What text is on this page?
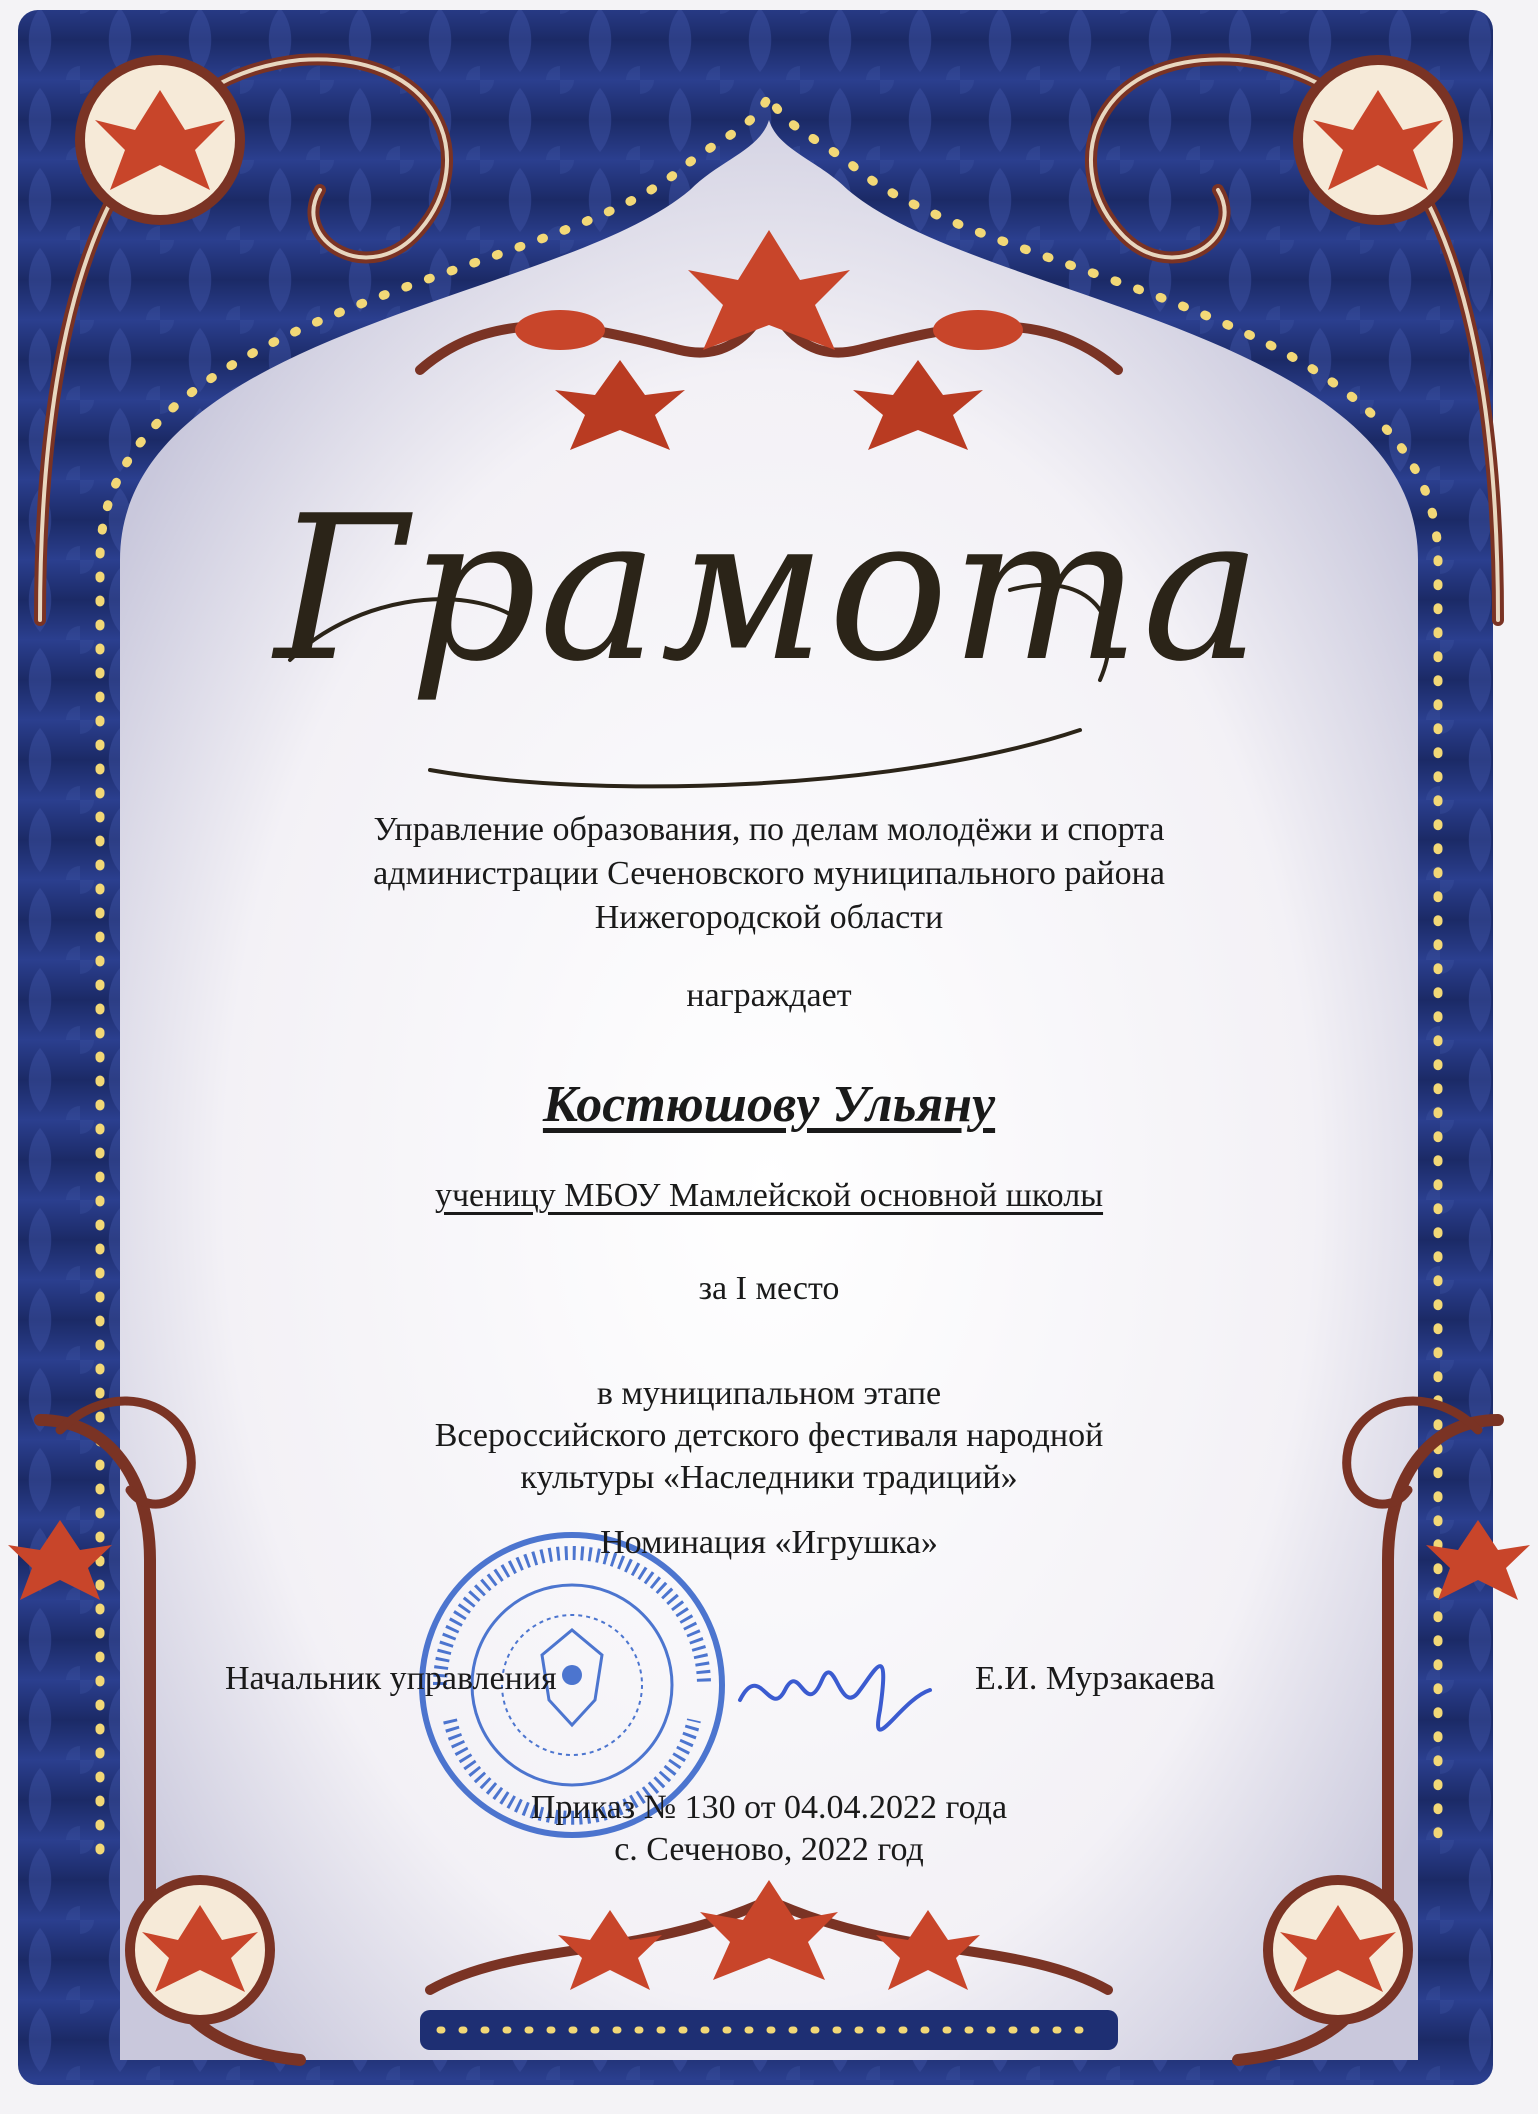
Грамота
Управление образования, по делам молодёжи и спорта
администрации Сеченовского муниципального района
Нижегородской области
награждает
Костюшову Ульяну
ученицу МБОУ Мамлейской основной школы
за I место
в муниципальном этапе
Всероссийского детского фестиваля народной
культуры «Наследники традиций»
Номинация «Игрушка»
Начальник управления	Е.И. Мурзакаева
Приказ № 130 от 04.04.2022 года
с. Сеченово, 2022 год
